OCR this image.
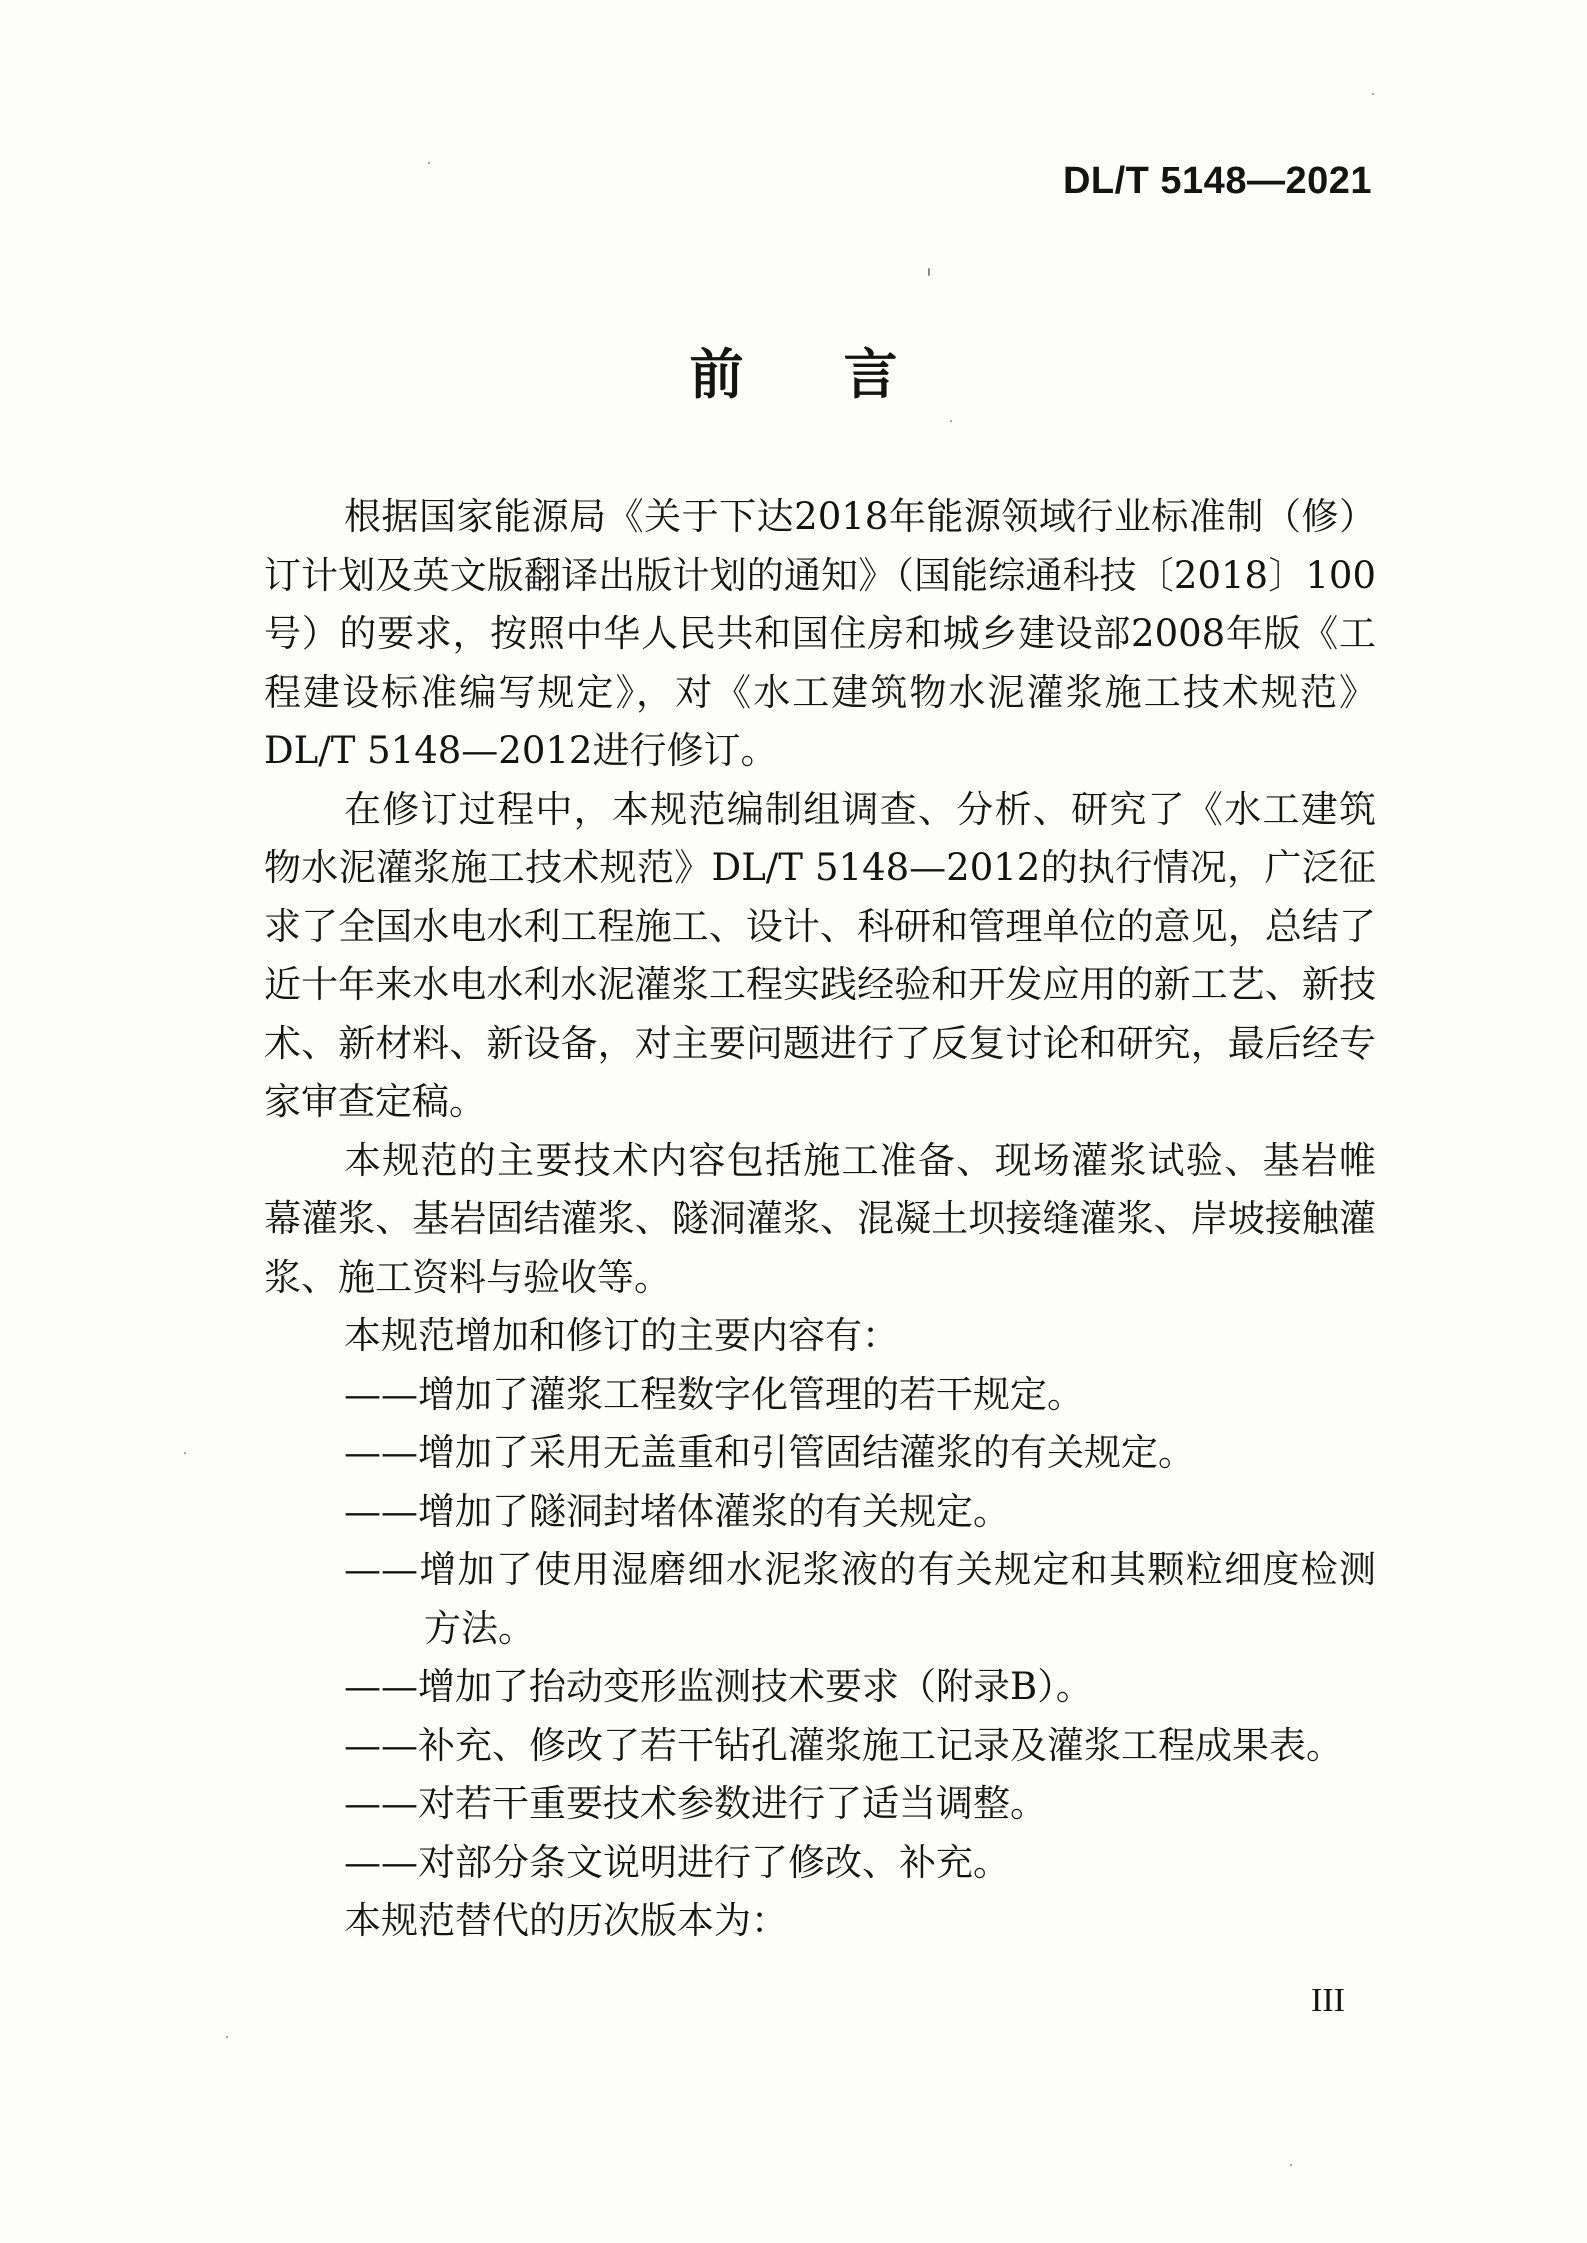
DL/T 5148—2021
前言

根据国家能源局《关于下达2018年能源领域行业标准制（修）订计划及英文版翻译出版计划的通知》（国能综通科技〔2018〕100号）的要求，按照中华人民共和国住房和城乡建设部2008年版《工程建设标准编写规定》，对《水工建筑物水泥灌浆施工技术规范》DL/T 5148—2012进行修订。

在修订过程中，本规范编制组调查、分析、研究了《水工建筑物水泥灌浆施工技术规范》DL/T 5148—2012的执行情况，广泛征求了全国水电水利工程施工、设计、科研和管理单位的意见，总结了近十年来水电水利水泥灌浆工程实践经验和开发应用的新工艺、新技术、新材料、新设备，对主要问题进行了反复讨论和研究，最后经专家审查定稿。

本规范的主要技术内容包括施工准备、现场灌浆试验、基岩帷幕灌浆、基岩固结灌浆、隧洞灌浆、混凝土坝接缝灌浆、岸坡接触灌浆、施工资料与验收等。

本规范增加和修订的主要内容有：

——增加了灌浆工程数字化管理的若干规定。

——增加了采用无盖重和引管固结灌浆的有关规定。

——增加了隧洞封堵体灌浆的有关规定。

——增加了使用湿磨细水泥浆液的有关规定和其颗粒细度检测方法。

——增加了抬动变形监测技术要求（附录B）。

——补充、修改了若干钻孔灌浆施工记录及灌浆工程成果表。

——对若干重要技术参数进行了适当调整。

——对部分条文说明进行了修改、补充。

本规范替代的历次版本为：

III
